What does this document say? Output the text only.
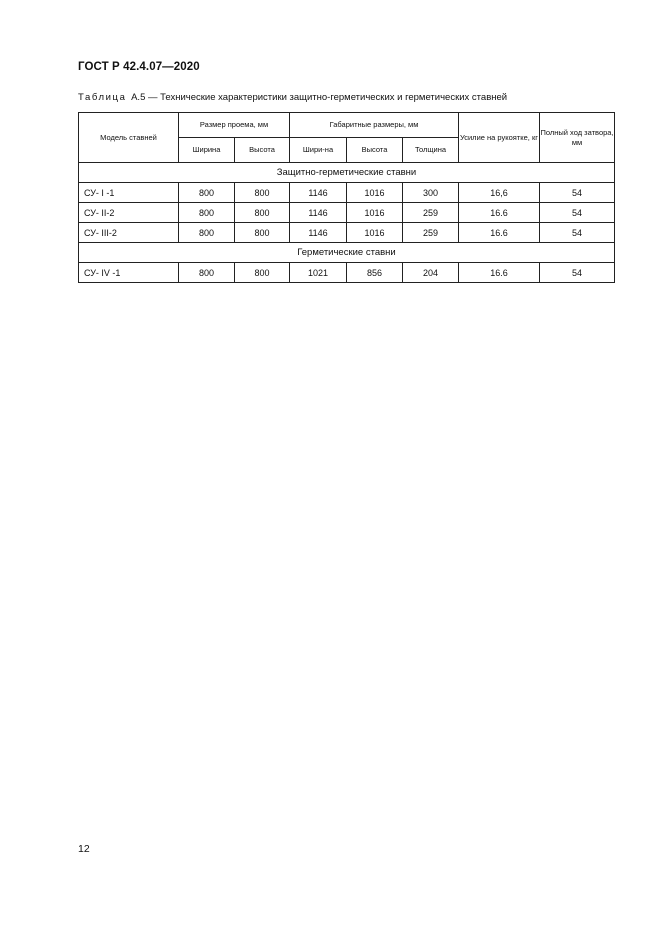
ГОСТ Р 42.4.07—2020
Таблица А.5 — Технические характеристики защитно-герметических и герметических ставней
Модель ставней	Размер проема, мм		Габаритные размеры, мм			Усилие на рукоятке, кг	Полный ход затвора, мм
	Ширина	Высота	Шири-на	Высота	Толщина		
Защитно-герметические ставни							
СУ- I -1	800	800	1146	1016	300	16,6	54
СУ- II-2	800	800	1146	1016	259	16.6	54
СУ- III-2	800	800	1146	1016	259	16.6	54
Герметические ставни							
СУ- IV -1	800	800	1021	856	204	16.6	54
12
